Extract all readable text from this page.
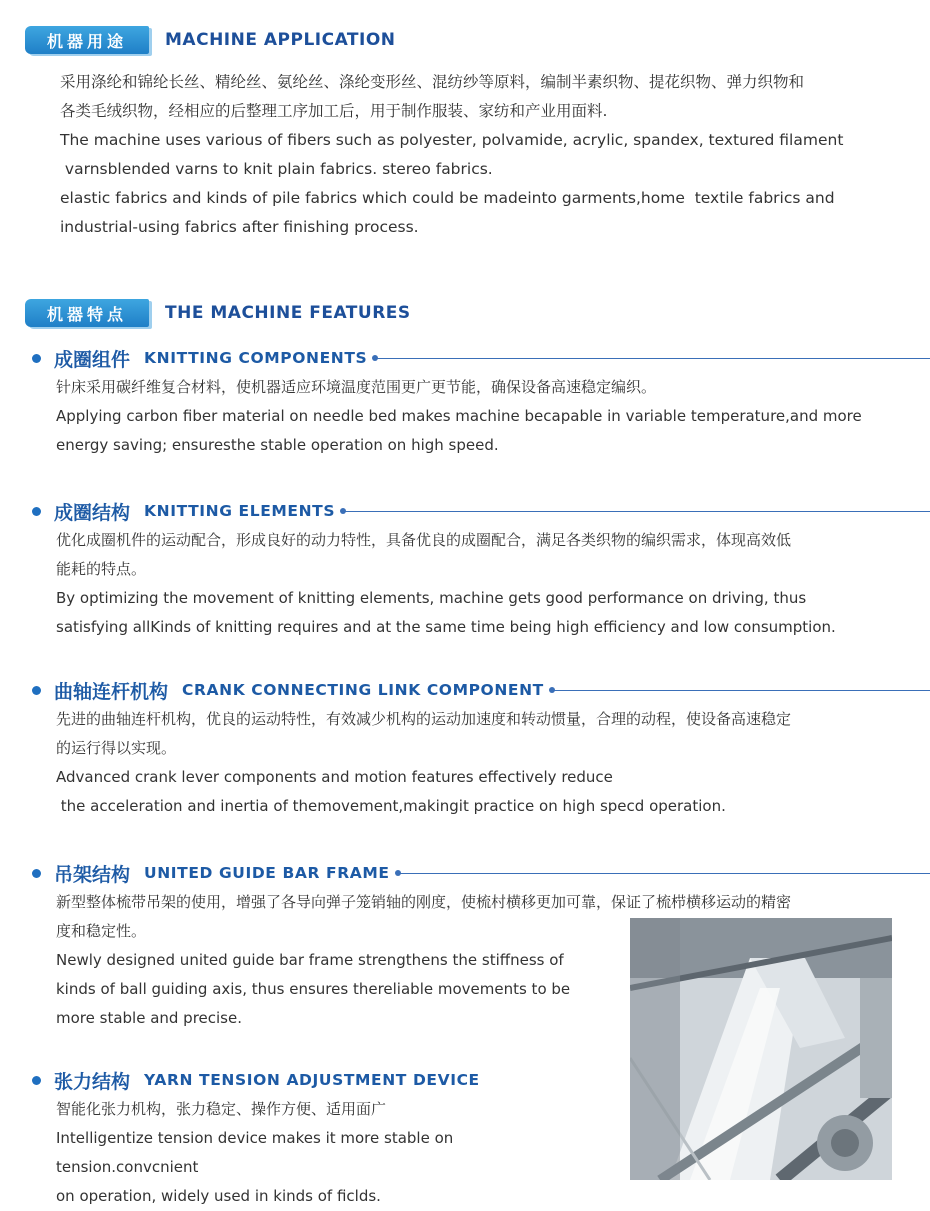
机器用途	MACHINE APPLICATION
采用涤纶和锦纶长丝、精纶丝、氨纶丝、涤纶变形丝、混纺纱等原料，编制半素织物、提花织物、弹力织物和
各类毛绒织物，经相应的后整理工序加工后，用于制作服装、家纺和产业用面料.
The machine uses various of fibers such as polyester, polvamide, acrylic, spandex, textured filament
varnsblended varns to knit plain fabrics. stereo fabrics.
elastic fabrics and kinds of pile fabrics which could be madeinto garments,home  textile fabrics and
industrial-using fabrics after finishing process.
机器特点	THE MACHINE FEATURES
成圈组件 KNITTING COMPONENTS
针床采用碳纤维复合材料，使机器适应环境温度范围更广更节能，确保设备高速稳定编织。
Applying carbon fiber material on needle bed makes machine becapable in variable temperature,and more
energy saving; ensuresthe stable operation on high speed.
成圈结构 KNITTING ELEMENTS
优化成圈机件的运动配合，形成良好的动力特性，具备优良的成圈配合，满足各类织物的编织需求，体现高效低
能耗的特点。
By optimizing the movement of knitting elements, machine gets good performance on driving, thus
satisfying allKinds of knitting requires and at the same time being high efficiency and low consumption.
曲轴连杆机构 CRANK CONNECTING LINK COMPONENT
先进的曲轴连杆机构，优良的运动特性，有效减少机构的运动加速度和转动惯量，合理的动程，使设备高速稳定
的运行得以实现。
Advanced crank lever components and motion features effectively reduce
the acceleration and inertia of themovement,makingit practice on high specd operation.
吊架结构 UNITED GUIDE BAR FRAME
新型整体梳带吊架的使用，增强了各导向弹子笼销轴的刚度，使梳村横移更加可靠，保证了梳栉横移运动的精密
度和稳定性。
Newly designed united guide bar frame strengthens the stiffness of
kinds of ball guiding axis, thus ensures thereliable movements to be
more stable and precise.
张力结构 YARN TENSION ADJUSTMENT DEVICE
智能化张力机构，张力稳定、操作方便、适用面广
Intelligentize tension device makes it more stable on tension.convcnient
on operation, widely used in kinds of ficlds.
